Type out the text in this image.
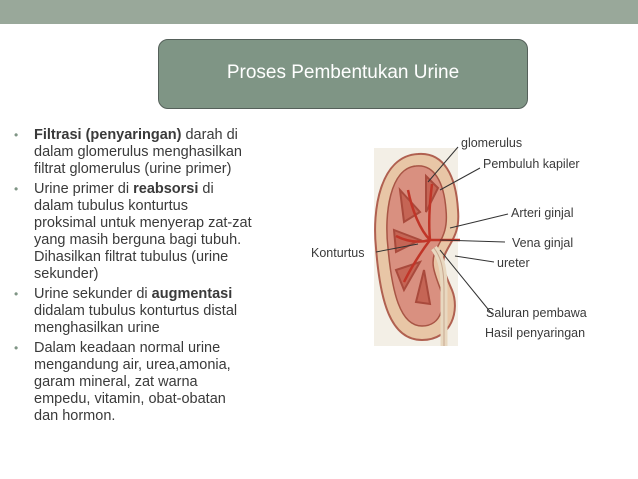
Proses Pembentukan Urine
• Filtrasi (penyaringan) darah di
dalam glomerulus menghasilkan
filtrat glomerulus (urine primer)
• Urine primer di reabsorsi di
dalam tubulus konturtus
proksimal untuk menyerap zat-zat
yang masih berguna bagi tubuh.
Dihasilkan filtrat tubulus (urine
sekunder)
• Urine sekunder di augmentasi
didalam tubulus konturtus distal
menghasilkan urine
• Dalam keadaan normal urine
mengandung air, urea,amonia,
garam mineral, zat warna
empedu, vitamin, obat-obatan
dan hormon.
glomerulus
Pembuluh kapiler
Arteri ginjal
Vena ginjal
ureter
Konturtus
Saluran pembawa
Hasil penyaringan
